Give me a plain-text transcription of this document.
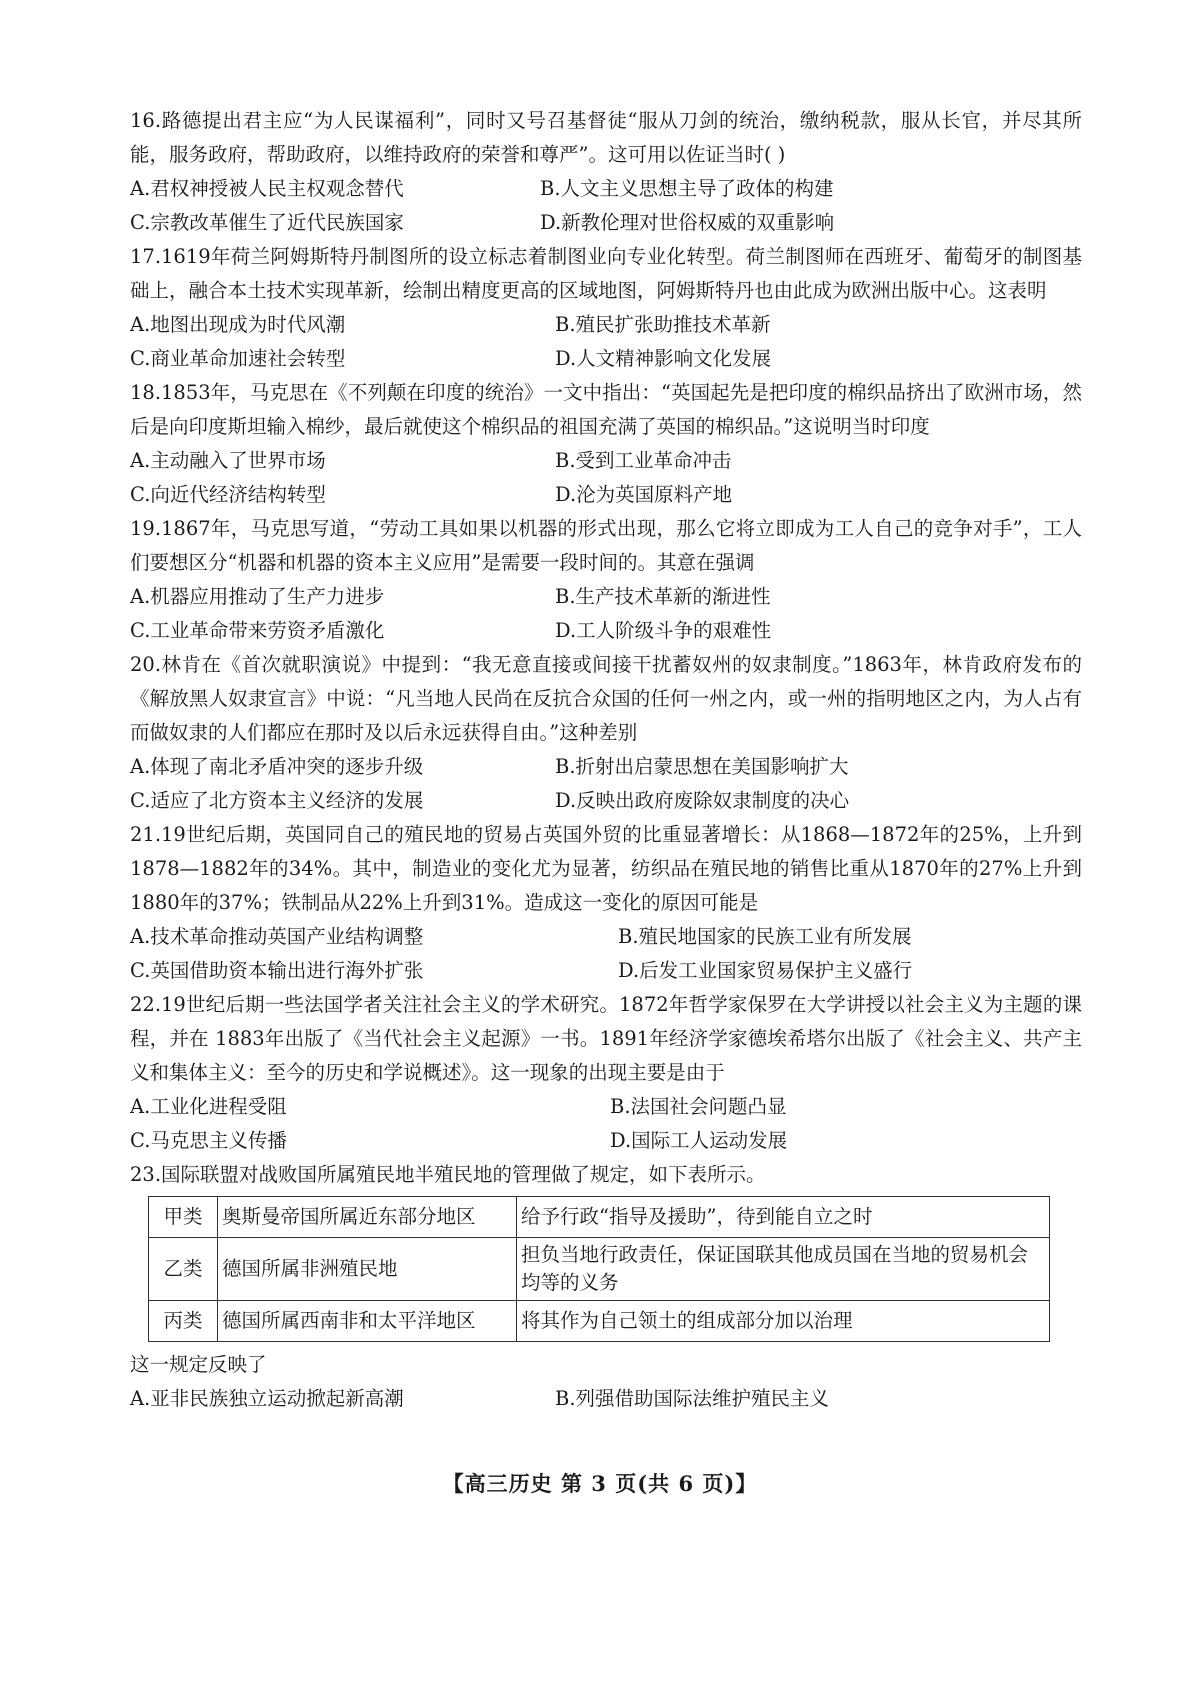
16.路德提出君主应“为人民谋福利”，同时又号召基督徒“服从刀剑的统治，缴纳税款，服从长官，并尽其所能，服务政府，帮助政府，以维持政府的荣誉和尊严”。这可用以佐证当时( )

A.君权神授被人民主权观念替代	B.人文主义思想主导了政体的构建
C.宗教改革催生了近代民族国家	D.新教伦理对世俗权威的双重影响

17.1619年荷兰阿姆斯特丹制图所的设立标志着制图业向专业化转型。荷兰制图师在西班牙、葡萄牙的制图基础上，融合本土技术实现革新，绘制出精度更高的区域地图，阿姆斯特丹也由此成为欧洲出版中心。这表明

A.地图出现成为时代风潮	B.殖民扩张助推技术革新
C.商业革命加速社会转型	D.人文精神影响文化发展

18.1853年，马克思在《不列颠在印度的统治》一文中指出：“英国起先是把印度的棉织品挤出了欧洲市场，然后是向印度斯坦输入棉纱，最后就使这个棉织品的祖国充满了英国的棉织品。”这说明当时印度

A.主动融入了世界市场	B.受到工业革命冲击
C.向近代经济结构转型	D.沦为英国原料产地

19.1867年，马克思写道，“劳动工具如果以机器的形式出现，那么它将立即成为工人自己的竞争对手”，工人们要想区分“机器和机器的资本主义应用”是需要一段时间的。其意在强调

A.机器应用推动了生产力进步	B.生产技术革新的渐进性
C.工业革命带来劳资矛盾激化	D.工人阶级斗争的艰难性

20.林肯在《首次就职演说》中提到：“我无意直接或间接干扰蓄奴州的奴隶制度。”1863年，林肯政府发布的《解放黑人奴隶宣言》中说：“凡当地人民尚在反抗合众国的任何一州之内，或一州的指明地区之内，为人占有而做奴隶的人们都应在那时及以后永远获得自由。”这种差别

A.体现了南北矛盾冲突的逐步升级	B.折射出启蒙思想在美国影响扩大
C.适应了北方资本主义经济的发展	D.反映出政府废除奴隶制度的决心

21.19世纪后期，英国同自己的殖民地的贸易占英国外贸的比重显著增长：从1868—1872年的25%，上升到1878—1882年的34%。其中，制造业的变化尤为显著，纺织品在殖民地的销售比重从1870年的27%上升到1880年的37%；铁制品从22%上升到31%。造成这一变化的原因可能是

A.技术革命推动英国产业结构调整	B.殖民地国家的民族工业有所发展
C.英国借助资本输出进行海外扩张	D.后发工业国家贸易保护主义盛行

22.19世纪后期一些法国学者关注社会主义的学术研究。1872年哲学家保罗在大学讲授以社会主义为主题的课程，并在 1883年出版了《当代社会主义起源》一书。1891年经济学家德埃希塔尔出版了《社会主义、共产主义和集体主义：至今的历史和学说概述》。这一现象的出现主要是由于

A.工业化进程受阻	B.法国社会问题凸显
C.马克思主义传播	D.国际工人运动发展

23.国际联盟对战败国所属殖民地半殖民地的管理做了规定，如下表所示。

甲类	奥斯曼帝国所属近东部分地区	给予行政“指导及援助”，待到能自立之时
乙类	德国所属非洲殖民地	担负当地行政责任，保证国联其他成员国在当地的贸易机会均等的义务
丙类	德国所属西南非和太平洋地区	将其作为自己领土的组成部分加以治理

这一规定反映了

A.亚非民族独立运动掀起新高潮	B.列强借助国际法维护殖民主义
【高三历史 第 3 页(共 6 页)】
